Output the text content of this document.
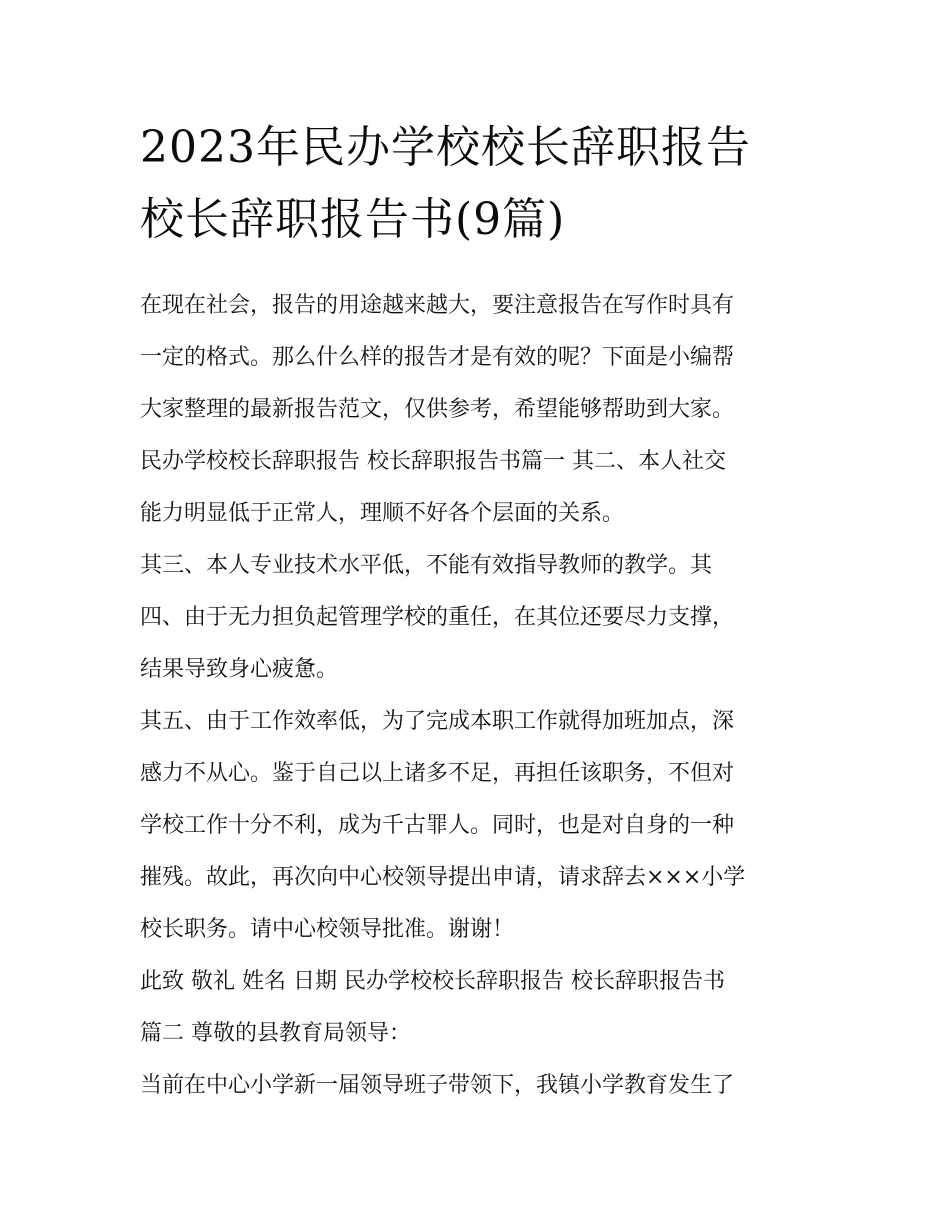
2023年民办学校校长辞职报告
校长辞职报告书(9篇)

在现在社会，报告的用途越来越大，要注意报告在写作时具有
一定的格式。那么什么样的报告才是有效的呢？下面是小编帮
大家整理的最新报告范文，仅供参考，希望能够帮助到大家。

民办学校校长辞职报告 校长辞职报告书篇一 其二、本人社交
能力明显低于正常人，理顺不好各个层面的关系。

其三、本人专业技术水平低，不能有效指导教师的教学。其
四、由于无力担负起管理学校的重任，在其位还要尽力支撑，
结果导致身心疲惫。

其五、由于工作效率低，为了完成本职工作就得加班加点，深
感力不从心。鉴于自己以上诸多不足，再担任该职务，不但对
学校工作十分不利，成为千古罪人。同时，也是对自身的一种
摧残。故此，再次向中心校领导提出申请，请求辞去×××小学
校长职务。请中心校领导批准。谢谢！

此致 敬礼 姓名 日期 民办学校校长辞职报告 校长辞职报告书
篇二 尊敬的县教育局领导：

当前在中心小学新一届领导班子带领下，我镇小学教育发生了
